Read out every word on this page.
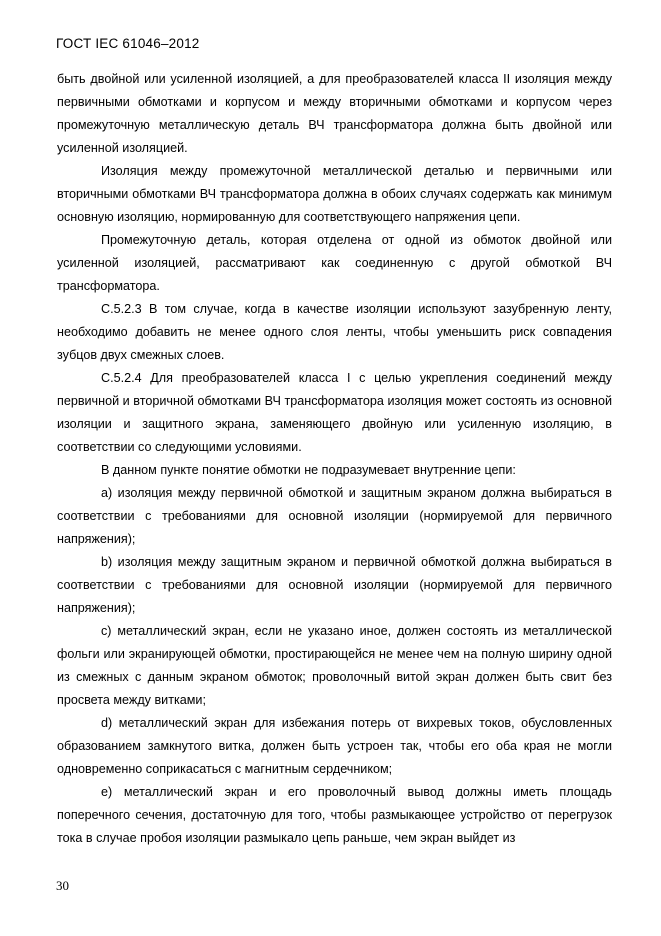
ГОСТ IEC 61046–2012

быть двойной или усиленной изоляцией, а для преобразователей класса II изоляция между первичными обмотками и корпусом и между вторичными обмотками и корпусом через промежуточную металлическую деталь ВЧ трансформатора должна быть двойной или усиленной изоляцией.

Изоляция между промежуточной металлической деталью и первичными или вторичными обмотками ВЧ трансформатора должна в обоих случаях содержать как минимум основную изоляцию, нормированную для соответствующего напряжения цепи.

Промежуточную деталь, которая отделена от одной из обмоток двойной или усиленной изоляцией, рассматривают как соединенную с другой обмоткой ВЧ трансформатора.

С.5.2.3 В том случае, когда в качестве изоляции используют зазубренную ленту, необходимо добавить не менее одного слоя ленты, чтобы уменьшить риск совпадения зубцов двух смежных слоев.

С.5.2.4 Для преобразователей класса I с целью укрепления соединений между первичной и вторичной обмотками ВЧ трансформатора изоляция может состоять из основной изоляции и защитного экрана, заменяющего двойную или усиленную изоляцию, в соответствии со следующими условиями.

В данном пункте понятие обмотки не подразумевает внутренние цепи:

а) изоляция между первичной обмоткой и защитным экраном должна выбираться в соответствии с требованиями для основной изоляции (нормируемой для первичного напряжения);

b) изоляция между защитным экраном и первичной обмоткой должна выбираться в соответствии с требованиями для основной изоляции (нормируемой для первичного напряжения);

c) металлический экран, если не указано иное, должен состоять из металлической фольги или экранирующей обмотки, простирающейся не менее чем на полную ширину одной из смежных с данным экраном обмоток; проволочный витой экран должен быть свит без просвета между витками;

d) металлический экран для избежания потерь от вихревых токов, обусловленных образованием замкнутого витка, должен быть устроен так, чтобы его оба края не могли одновременно соприкасаться с магнитным сердечником;

e) металлический экран и его проволочный вывод должны иметь площадь поперечного сечения, достаточную для того, чтобы размыкающее устройство от перегрузок тока в случае пробоя изоляции размыкало цепь раньше, чем экран выйдет из

30
